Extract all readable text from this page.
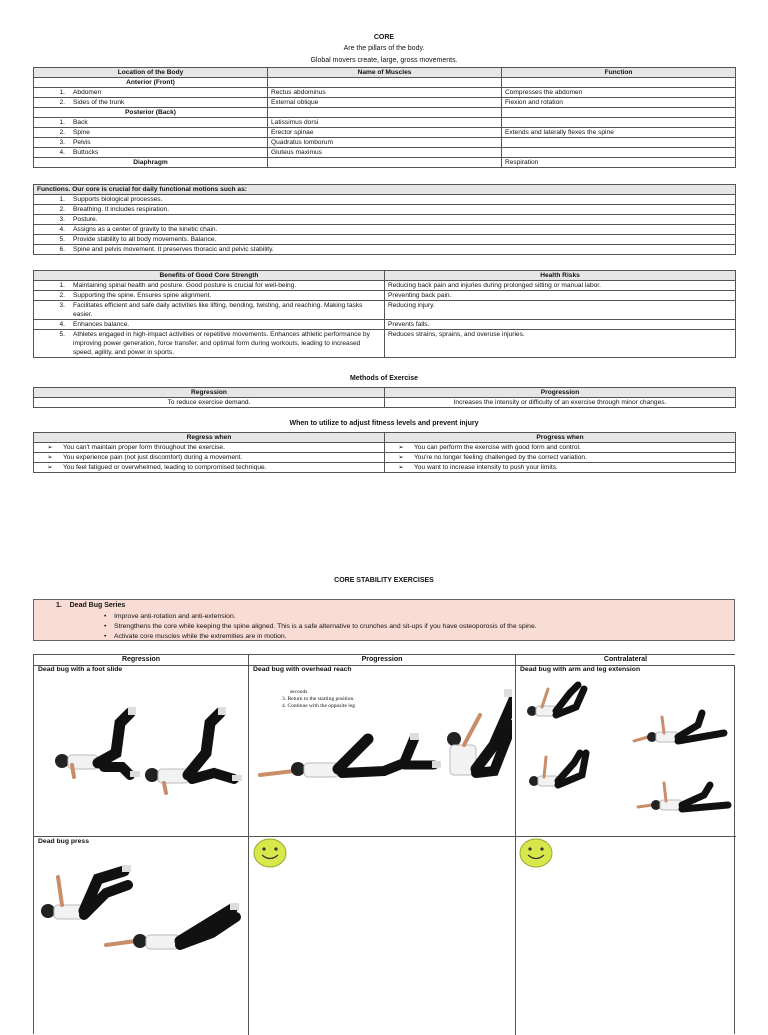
CORE
Are the pillars of the body.
Global movers create, large, gross movements.
Location of the Body	Name of Muscles	Function
Anterior (Front)		
1. Abdomen	Rectus abdominus	Compresses the abdomen
2. Sides of the trunk	External oblique	Flexion and rotation
Posterior (Back)		
1. Back	Latissimus dorsi	
2. Spine	Erector spinae	Extends and laterally flexes the spine
3. Pelvis	Quadratus lomborum	
4. Buttocks	Gluteus maximus	
Diaphragm		Respiration
Functions. Our core is crucial for daily functional motions such as:
1. Supports biological processes.
2. Breathing. It includes respiration.
3. Posture.
4. Assigns as a center of gravity to the kinetic chain.
5. Provide stability to all body movements. Balance.
6. Spine and pelvis movement. It preserves thoracic and pelvic stability.
Benefits of Good Core Strength	Health Risks
1. Maintaining spinal health and posture. Good posture is crucial for well-being.	Reducing back pain and injuries during prolonged sitting or manual labor.
2. Supporting the spine. Ensures spine alignment.	Preventing back pain.
3. Facilitates efficient and safe daily activities like lifting, bending, twisting, and reaching. Making tasks easier.	Reducing injury.
4. Enhances balance.	Prevents falls.
5. Athletes engaged in high-impact activities or repetitive movements. Enhances athletic performance by improving power generation, force transfer, and optimal form during workouts, leading to increased speed, agility, and power in sports.	Reduces strains, sprains, and overuse injuries.
Methods of Exercise
Regression	Progression
To reduce exercise demand.	Increases the intensity or difficulty of an exercise through minor changes.
When to utilize to adjust fitness levels and prevent injury
Regress when	Progress when
➢ You can't maintain proper form throughout the exercise.	➢ You can perform the exercise with good form and control.
➢ You experience pain (not just discomfort) during a movement.	➢ You're no longer feeling challenged by the correct variation.
➢ You feel fatigued or overwhelmed, leading to compromised technique.	➢ You want to increase intensity to push your limits.
CORE STABILITY EXERCISES
1. Dead Bug Series
• Improve anti-rotation and anti-extension.
• Strengthens the core while keeping the spine aligned. This is a safe alternative to crunches and sit-ups if you have osteoporosis of the spine.
• Activate core muscles while the extremities are in motion.
Regression	Progression	Contralateral
Dead bug with a foot slide	Dead bug with overhead reach	Dead bug with arm and leg extension
Dead bug press
seconds
3. Return to the starting position.
4. Continue with the opposite leg
